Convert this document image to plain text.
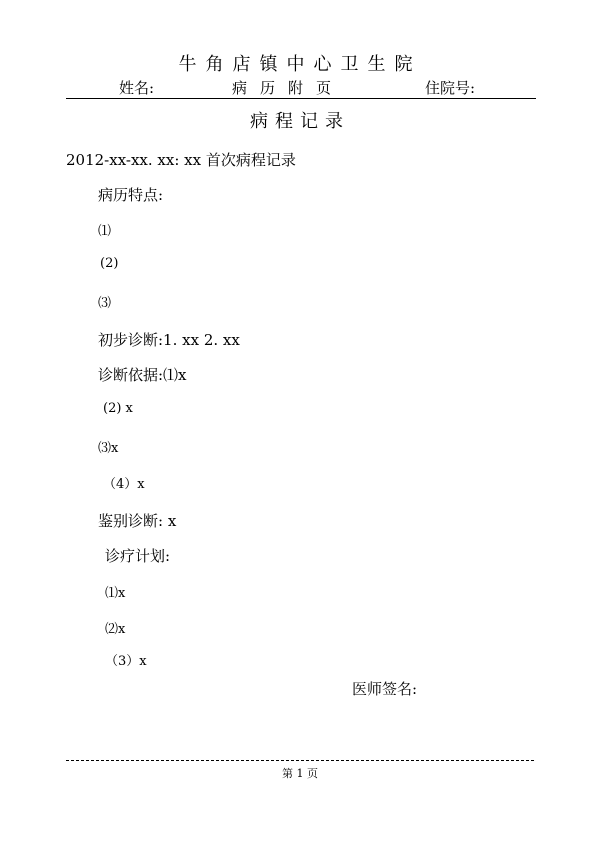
牛角店镇中心卫生院
姓名:	病历附页	住院号:
病程记录
2012-xx-xx. xx: xx 首次病程记录
病历特点:
⑴
(2)
⑶
初步诊断:1. xx 2. xx
诊断依据:⑴x
(2) x
⑶x
（4）x
鉴别诊断: x
诊疗计划:
⑴x
⑵x
（3）x
医师签名:
第 1 页
